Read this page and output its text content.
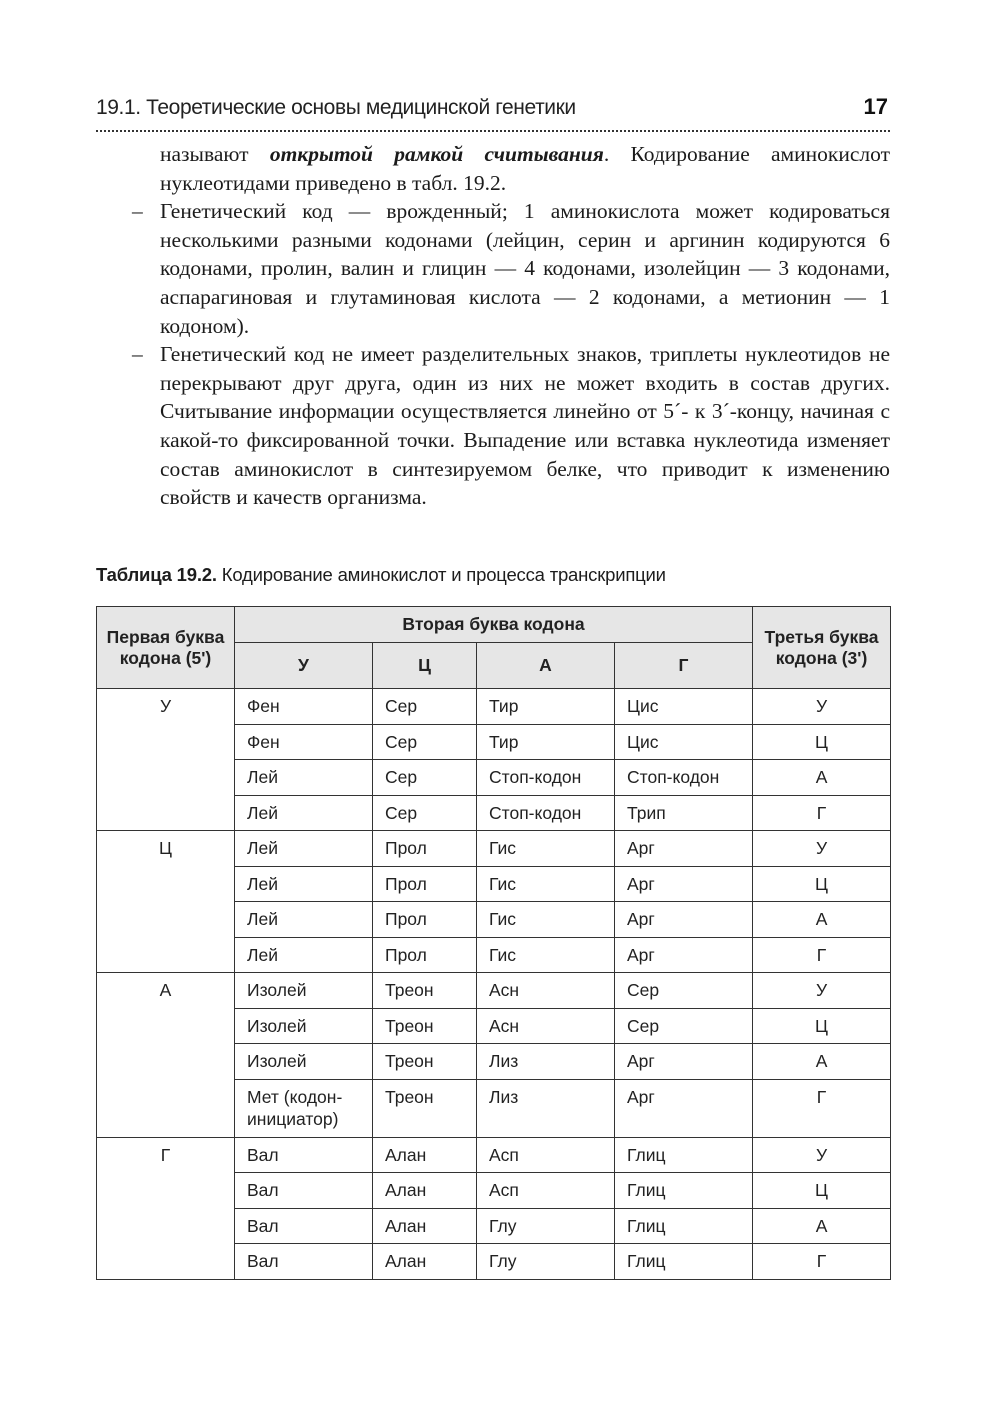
19.1. Теоретические основы медицинской генетики	17

называют открытой рамкой считывания. Кодирование аминокислот нуклеотидами приведено в табл. 19.2.

– Генетический код — врожденный; 1 аминокислота может кодироваться несколькими разными кодонами (лейцин, серин и аргинин кодируются 6 кодонами, пролин, валин и глицин — 4 кодонами, изолейцин — 3 кодонами, аспарагиновая и глутаминовая кислота — 2 кодонами, а метионин — 1 кодоном).

– Генетический код не имеет разделительных знаков, триплеты нуклеотидов не перекрывают друг друга, один из них не может входить в состав других. Считывание информации осуществляется линейно от 5´- к 3´-концу, начиная с какой-то фиксированной точки. Выпадение или вставка нуклеотида изменяет состав аминокислот в синтезируемом белке, что приводит к изменению свойств и качеств организма.

Таблица 19.2. Кодирование аминокислот и процесса транскрипции
Первая буква кодона (5')	Вторая буква кодона				Третья буква кодона (3')
	У	Ц	А	Г	
У	Фен	Сер	Тир	Цис	У
	Фен	Сер	Тир	Цис	Ц
	Лей	Сер	Стоп-кодон	Стоп-кодон	А
	Лей	Сер	Стоп-кодон	Трип	Г
Ц	Лей	Прол	Гис	Арг	У
	Лей	Прол	Гис	Арг	Ц
	Лей	Прол	Гис	Арг	А
	Лей	Прол	Гис	Арг	Г
А	Изолей	Треон	Асн	Сер	У
	Изолей	Треон	Асн	Сер	Ц
	Изолей	Треон	Лиз	Арг	А
	Мет (кодон-инициатор)	Треон	Лиз	Арг	Г
Г	Вал	Алан	Асп	Глиц	У
	Вал	Алан	Асп	Глиц	Ц
	Вал	Алан	Глу	Глиц	А
	Вал	Алан	Глу	Глиц	Г
